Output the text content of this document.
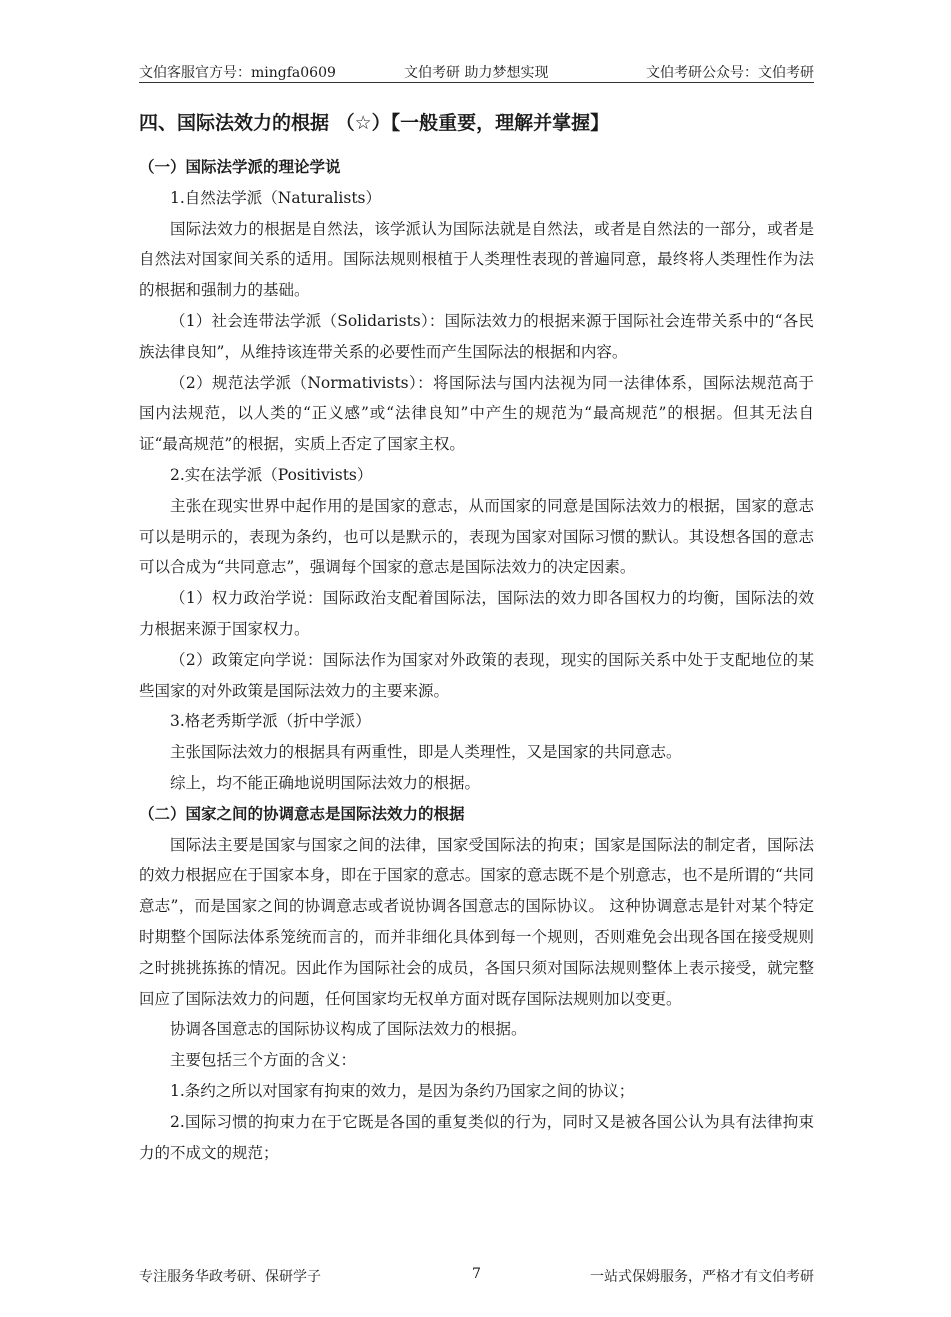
文伯客服官方号：mingfa0609	文伯考研 助力梦想实现	文伯考研公众号：文伯考研
四、国际法效力的根据 （☆）【一般重要，理解并掌握】
（一）国际法学派的理论学说

1.自然法学派（Naturalists）

国际法效力的根据是自然法，该学派认为国际法就是自然法，或者是自然法的一部分，或者是自然法对国家间关系的适用。国际法规则根植于人类理性表现的普遍同意，最终将人类理性作为法的根据和强制力的基础。

（1）社会连带法学派（Solidarists）：国际法效力的根据来源于国际社会连带关系中的“各民族法律良知”，从维持该连带关系的必要性而产生国际法的根据和内容。

（2）规范法学派（Normativists）：将国际法与国内法视为同一法律体系，国际法规范高于国内法规范，以人类的“正义感”或“法律良知”中产生的规范为“最高规范”的根据。但其无法自证“最高规范”的根据，实质上否定了国家主权。

2.实在法学派（Positivists）

主张在现实世界中起作用的是国家的意志，从而国家的同意是国际法效力的根据，国家的意志可以是明示的，表现为条约，也可以是默示的，表现为国家对国际习惯的默认。其设想各国的意志可以合成为“共同意志”，强调每个国家的意志是国际法效力的决定因素。

（1）权力政治学说：国际政治支配着国际法，国际法的效力即各国权力的均衡，国际法的效力根据来源于国家权力。

（2）政策定向学说：国际法作为国家对外政策的表现，现实的国际关系中处于支配地位的某些国家的对外政策是国际法效力的主要来源。

3.格老秀斯学派（折中学派）

主张国际法效力的根据具有两重性，即是人类理性，又是国家的共同意志。

综上，均不能正确地说明国际法效力的根据。

（二）国家之间的协调意志是国际法效力的根据

国际法主要是国家与国家之间的法律，国家受国际法的拘束；国家是国际法的制定者，国际法的效力根据应在于国家本身，即在于国家的意志。国家的意志既不是个别意志，也不是所谓的“共同意志”，而是国家之间的协调意志或者说协调各国意志的国际协议。 这种协调意志是针对某个特定时期整个国际法体系笼统而言的，而并非细化具体到每一个规则，否则难免会出现各国在接受规则之时挑挑拣拣的情况。因此作为国际社会的成员，各国只须对国际法规则整体上表示接受，就完整回应了国际法效力的问题，任何国家均无权单方面对既存国际法规则加以变更。

协调各国意志的国际协议构成了国际法效力的根据。

主要包括三个方面的含义：

1.条约之所以对国家有拘束的效力，是因为条约乃国家之间的协议；

2.国际习惯的拘束力在于它既是各国的重复类似的行为，同时又是被各国公认为具有法律拘束力的不成文的规范；

专注服务华政考研、保研学子	7	一站式保姆服务，严格才有文伯考研
